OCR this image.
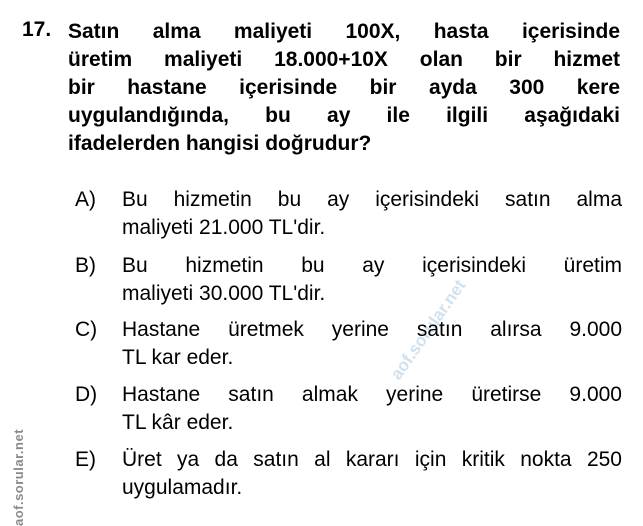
aof.sorular.net
aof.sorular.net
17. Satın alma maliyeti 100X, hasta içerisinde
üretim maliyeti 18.000+10X olan bir hizmet
bir hastane içerisinde bir ayda 300 kere
uygulandığında, bu ay ile ilgili aşağıdaki
ifadelerden hangisi doğrudur?
A) Bu hizmetin bu ay içerisindeki satın alma
maliyeti 21.000 TL'dir.
B) Bu hizmetin bu ay içerisindeki üretim
maliyeti 30.000 TL'dir.
C) Hastane üretmek yerine satın alırsa 9.000
TL kar eder.
D) Hastane satın almak yerine üretirse 9.000
TL kâr eder.
E) Üret ya da satın al kararı için kritik nokta 250
uygulamadır.
